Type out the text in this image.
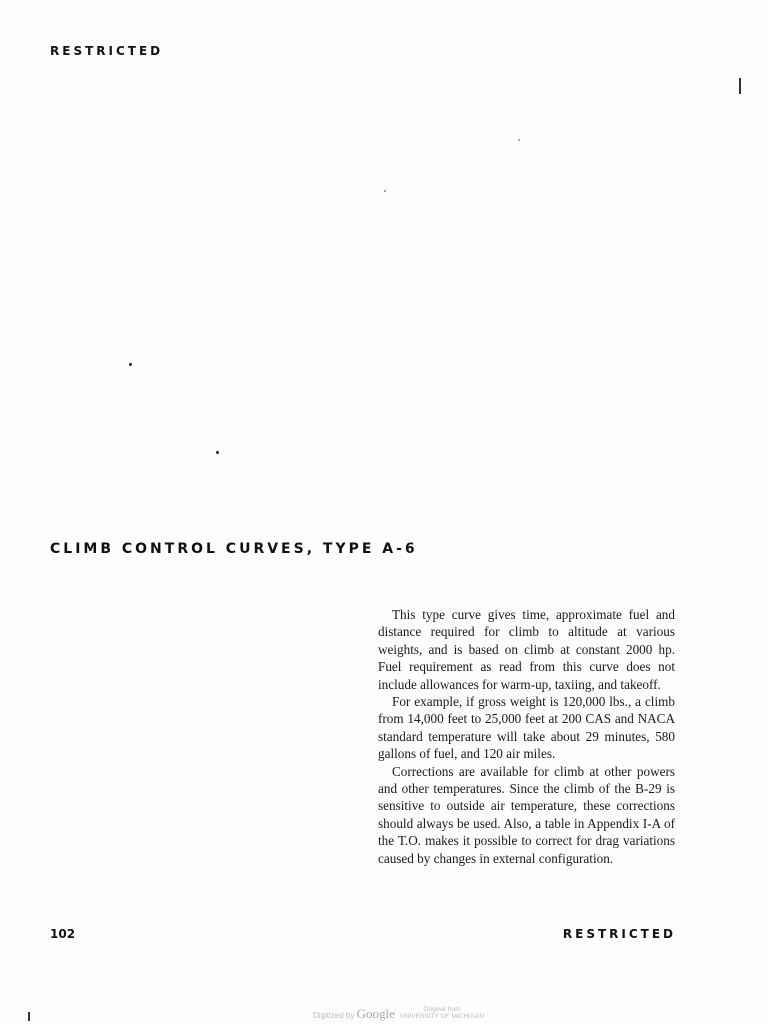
RESTRICTED
CLIMB CONTROL CURVES, TYPE A-6

This type curve gives time, approximate fuel and distance required for climb to altitude at various weights, and is based on climb at constant 2000 hp. Fuel requirement as read from this curve does not include allowances for warm-up, taxiing, and takeoff.

For example, if gross weight is 120,000 lbs., a climb from 14,000 feet to 25,000 feet at 200 CAS and NACA standard temperature will take about 29 minutes, 580 gallons of fuel, and 120 air miles.

Corrections are available for climb at other powers and other temperatures. Since the climb of the B-29 is sensitive to outside air temperature, these corrections should always be used. Also, a table in Appendix I-A of the T.O. makes it possible to correct for drag variations caused by changes in external configuration.

102	RESTRICTED
Digitized by Google	Original from
UNIVERSITY OF MICHIGAN
